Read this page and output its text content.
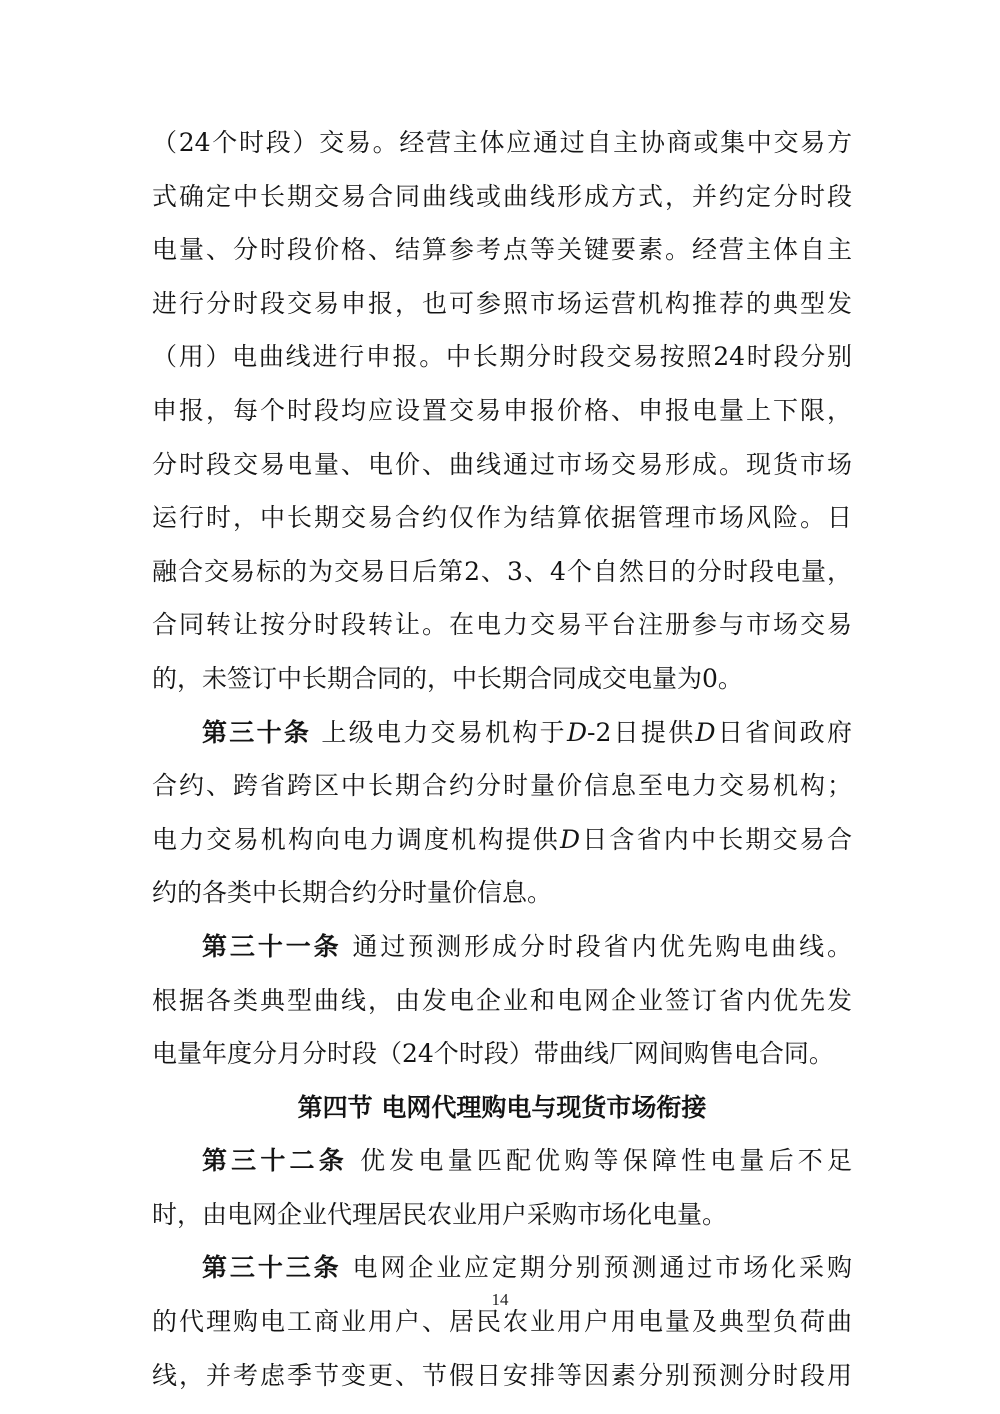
（24个时段）交易。经营主体应通过自主协商或集中交易方
式确定中长期交易合同曲线或曲线形成方式，并约定分时段
电量、分时段价格、结算参考点等关键要素。经营主体自主
进行分时段交易申报，也可参照市场运营机构推荐的典型发
（用）电曲线进行申报。中长期分时段交易按照24时段分别
申报，每个时段均应设置交易申报价格、申报电量上下限，
分时段交易电量、电价、曲线通过市场交易形成。现货市场
运行时，中长期交易合约仅作为结算依据管理市场风险。日
融合交易标的为交易日后第2、3、4个自然日的分时段电量，
合同转让按分时段转让。在电力交易平台注册参与市场交易
的，未签订中长期合同的，中长期合同成交电量为0。
第三十条 上级电力交易机构于D-2日提供D日省间政府
合约、跨省跨区中长期合约分时量价信息至电力交易机构；
电力交易机构向电力调度机构提供D日含省内中长期交易合
约的各类中长期合约分时量价信息。
第三十一条 通过预测形成分时段省内优先购电曲线。
根据各类典型曲线，由发电企业和电网企业签订省内优先发
电量年度分月分时段（24个时段）带曲线厂网间购售电合同。
第四节 电网代理购电与现货市场衔接
第三十二条 优发电量匹配优购等保障性电量后不足
时，由电网企业代理居民农业用户采购市场化电量。
第三十三条 电网企业应定期分别预测通过市场化采购
的代理购电工商业用户、居民农业用户用电量及典型负荷曲
线，并考虑季节变更、节假日安排等因素分别预测分时段用
14
